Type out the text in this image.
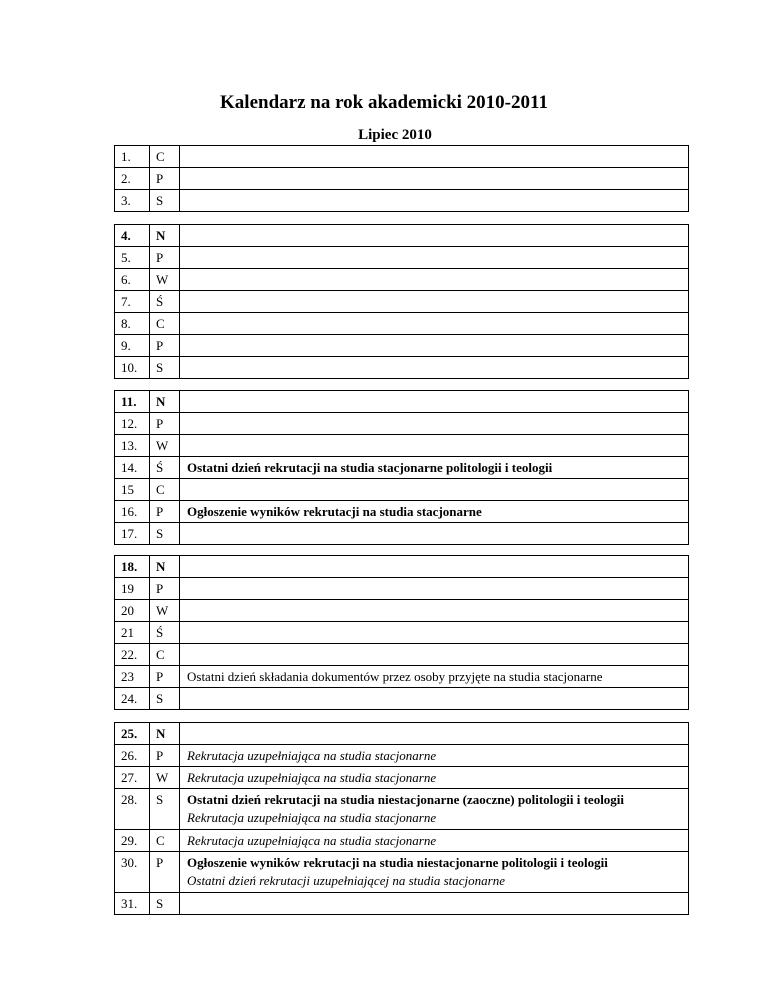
Kalendarz na rok akademicki 2010-2011
Lipiec 2010
1.	C	
2.	P	
3.	S	
4.	N	
5.	P	
6.	W	
7.	Ś	
8.	C	
9.	P	
10.	S	
11.	N	
12.	P	
13.	W	
14.	Ś	Ostatni dzień rekrutacji na studia stacjonarne politologii i teologii

15	C	
16.	P	Ogłoszenie wyników rekrutacji na studia stacjonarne

17.	S	
18.	N	
19	P	
20	W	
21	Ś	
22.	C	
23	P	Ostatni dzień składania dokumentów przez osoby przyjęte na studia stacjonarne

24.	S	
25.	N	
26.	P	Rekrutacja uzupełniająca na studia stacjonarne

27.	W	Rekrutacja uzupełniająca na studia stacjonarne

28.	S	Ostatni dzień rekrutacji na studia niestacjonarne (zaoczne) politologii i teologii
Rekrutacja uzupełniająca na studia stacjonarne

29.	C	Rekrutacja uzupełniająca na studia stacjonarne

30.	P	Ogłoszenie wyników rekrutacji na studia niestacjonarne politologii i teologii
Ostatni dzień rekrutacji uzupełniającej na studia stacjonarne

31.	S	
